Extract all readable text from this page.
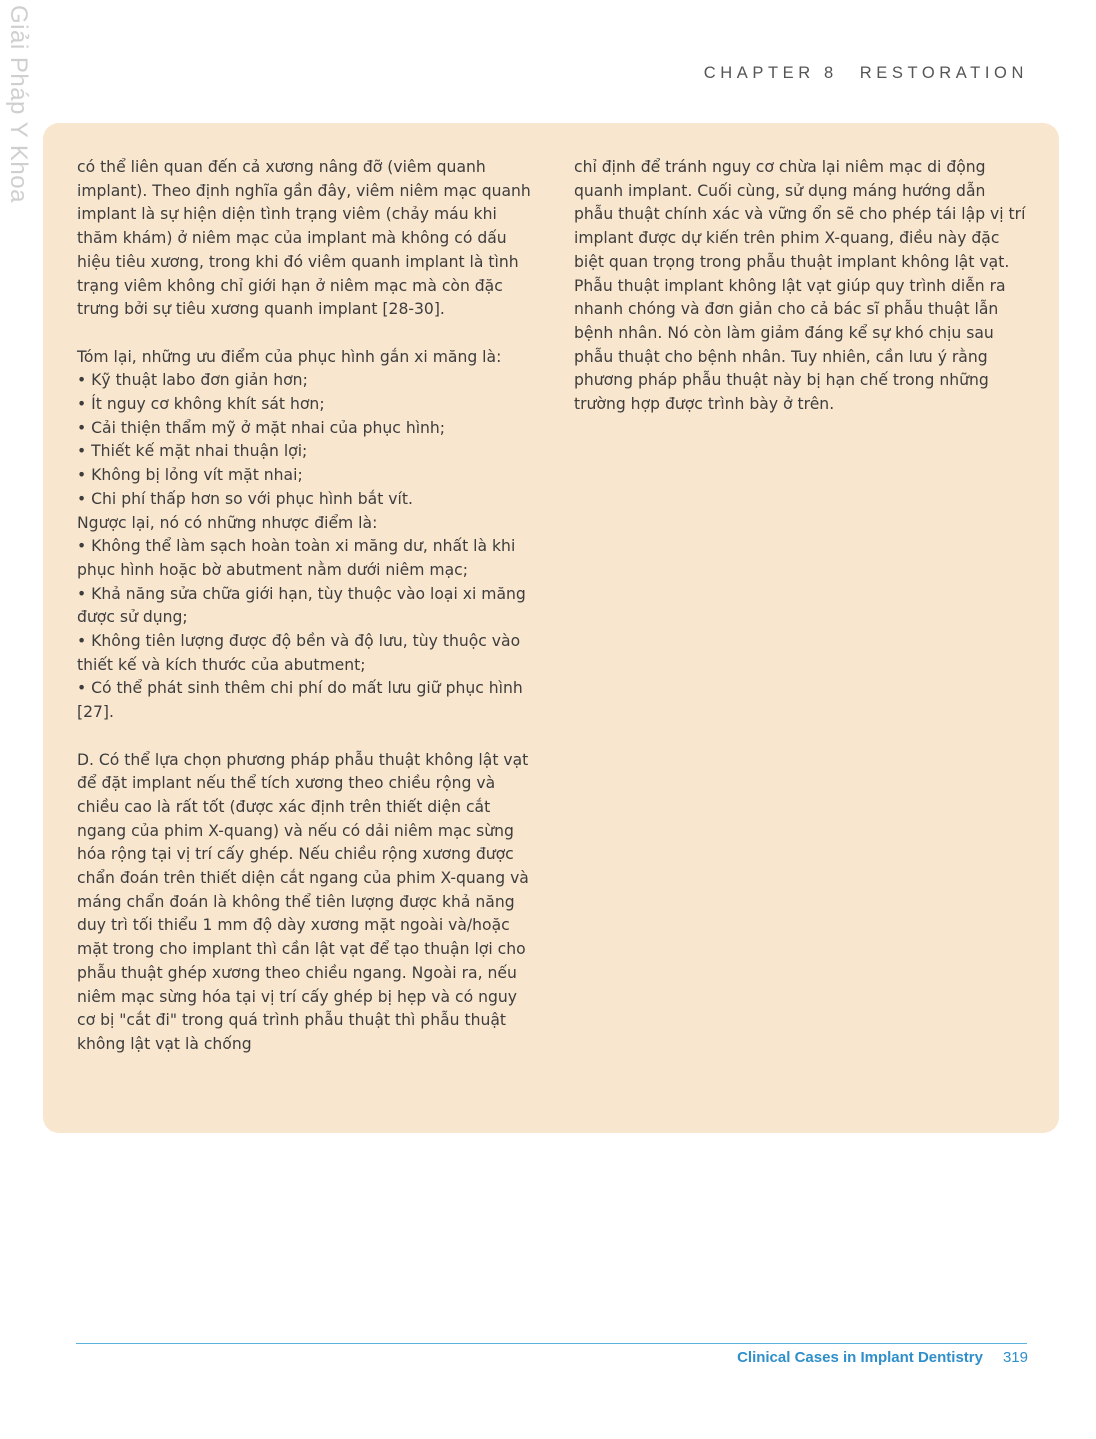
Giải Pháp Y Khoa	CHAPTER 8 RESTORATION

có thể liên quan đến cả xương nâng đỡ (viêm quanh implant). Theo định nghĩa gần đây, viêm niêm mạc quanh implant là sự hiện diện tình trạng viêm (chảy máu khi thăm khám) ở niêm mạc của implant mà không có dấu hiệu tiêu xương, trong khi đó viêm quanh implant là tình trạng viêm không chỉ giới hạn ở niêm mạc mà còn đặc trưng bởi sự tiêu xương quanh implant [28-30].

Tóm lại, những ưu điểm của phục hình gắn xi măng là:

• Kỹ thuật labo đơn giản hơn;
• Ít nguy cơ không khít sát hơn;
• Cải thiện thẩm mỹ ở mặt nhai của phục hình;
• Thiết kế mặt nhai thuận lợi;
• Không bị lỏng vít mặt nhai;
• Chi phí thấp hơn so với phục hình bắt vít.

Ngược lại, nó có những nhược điểm là:

• Không thể làm sạch hoàn toàn xi măng dư, nhất là khi phục hình hoặc bờ abutment nằm dưới niêm mạc;
• Khả năng sửa chữa giới hạn, tùy thuộc vào loại xi măng được sử dụng;
• Không tiên lượng được độ bền và độ lưu, tùy thuộc vào thiết kế và kích thước của abutment;
• Có thể phát sinh thêm chi phí do mất lưu giữ phục hình [27].

D. Có thể lựa chọn phương pháp phẫu thuật không lật vạt để đặt implant nếu thể tích xương theo chiều rộng và chiều cao là rất tốt (được xác định trên thiết diện cắt ngang của phim X-quang) và nếu có dải niêm mạc sừng hóa rộng tại vị trí cấy ghép. Nếu chiều rộng xương được chẩn đoán trên thiết diện cắt ngang của phim X-quang và máng chẩn đoán là không thể tiên lượng được khả năng duy trì tối thiểu 1 mm độ dày xương mặt ngoài và/hoặc mặt trong cho implant thì cần lật vạt để tạo thuận lợi cho phẫu thuật ghép xương theo chiều ngang. Ngoài ra, nếu niêm mạc sừng hóa tại vị trí cấy ghép bị hẹp và có nguy cơ bị "cắt đi" trong quá trình phẫu thuật thì phẫu thuật không lật vạt là chống

chỉ định để tránh nguy cơ chừa lại niêm mạc di động quanh implant. Cuối cùng, sử dụng máng hướng dẫn phẫu thuật chính xác và vững ổn sẽ cho phép tái lập vị trí implant được dự kiến trên phim X-quang, điều này đặc biệt quan trọng trong phẫu thuật implant không lật vạt.

Phẫu thuật implant không lật vạt giúp quy trình diễn ra nhanh chóng và đơn giản cho cả bác sĩ phẫu thuật lẫn bệnh nhân. Nó còn làm giảm đáng kể sự khó chịu sau phẫu thuật cho bệnh nhân. Tuy nhiên, cần lưu ý rằng phương pháp phẫu thuật này bị hạn chế trong những trường hợp được trình bày ở trên.

Clinical Cases in Implant Dentistry 319
